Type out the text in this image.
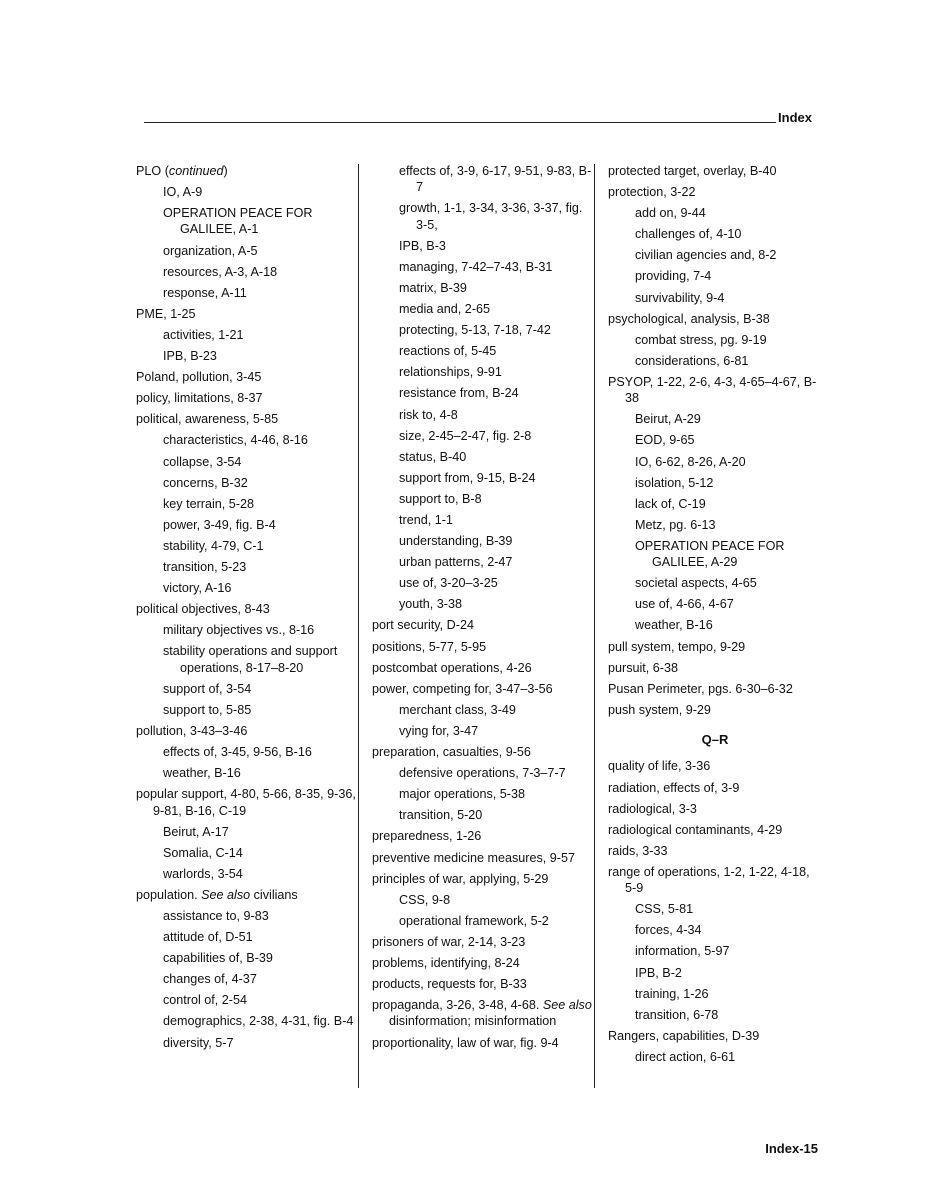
Index
PLO (continued)
IO, A-9
OPERATION PEACE FOR GALILEE, A-1
organization, A-5
resources, A-3, A-18
response, A-11
PME, 1-25
activities, 1-21
IPB, B-23
Poland, pollution, 3-45
policy, limitations, 8-37
political, awareness, 5-85
characteristics, 4-46, 8-16
collapse, 3-54
concerns, B-32
key terrain, 5-28
power, 3-49, fig. B-4
stability, 4-79, C-1
transition, 5-23
victory, A-16
political objectives, 8-43
military objectives vs., 8-16
stability operations and support operations, 8-17–8-20
support of, 3-54
support to, 5-85
pollution, 3-43–3-46
effects of, 3-45, 9-56, B-16
weather, B-16
popular support, 4-80, 5-66, 8-35, 9-36, 9-81, B-16, C-19
Beirut, A-17
Somalia, C-14
warlords, 3-54
population. See also civilians
assistance to, 9-83
attitude of, D-51
capabilities of, B-39
changes of, 4-37
control of, 2-54
demographics, 2-38, 4-31, fig. B-4
diversity, 5-7
effects of, 3-9, 6-17, 9-51, 9-83, B-7
growth, 1-1, 3-34, 3-36, 3-37, fig. 3-5,
IPB, B-3
managing, 7-42–7-43, B-31
matrix, B-39
media and, 2-65
protecting, 5-13, 7-18, 7-42
reactions of, 5-45
relationships, 9-91
resistance from, B-24
risk to, 4-8
size, 2-45–2-47, fig. 2-8
status, B-40
support from, 9-15, B-24
support to, B-8
trend, 1-1
understanding, B-39
urban patterns, 2-47
use of, 3-20–3-25
youth, 3-38
port security, D-24
positions, 5-77, 5-95
postcombat operations, 4-26
power, competing for, 3-47–3-56
merchant class, 3-49
vying for, 3-47
preparation, casualties, 9-56
defensive operations, 7-3–7-7
major operations, 5-38
transition, 5-20
preparedness, 1-26
preventive medicine measures, 9-57
principles of war, applying, 5-29
CSS, 9-8
operational framework, 5-2
prisoners of war, 2-14, 3-23
problems, identifying, 8-24
products, requests for, B-33
propaganda, 3-26, 3-48, 4-68. See also disinformation; misinformation
proportionality, law of war, fig. 9-4
protected target, overlay, B-40
protection, 3-22
add on, 9-44
challenges of, 4-10
civilian agencies and, 8-2
providing, 7-4
survivability, 9-4
psychological, analysis, B-38
combat stress, pg. 9-19
considerations, 6-81
PSYOP, 1-22, 2-6, 4-3, 4-65–4-67, B-38
Beirut, A-29
EOD, 9-65
IO, 6-62, 8-26, A-20
isolation, 5-12
lack of, C-19
Metz, pg. 6-13
OPERATION PEACE FOR GALILEE, A-29
societal aspects, 4-65
use of, 4-66, 4-67
weather, B-16
pull system, tempo, 9-29
pursuit, 6-38
Pusan Perimeter, pgs. 6-30–6-32
push system, 9-29
Q–R
quality of life, 3-36
radiation, effects of, 3-9
radiological, 3-3
radiological contaminants, 4-29
raids, 3-33
range of operations, 1-2, 1-22, 4-18, 5-9
CSS, 5-81
forces, 4-34
information, 5-97
IPB, B-2
training, 1-26
transition, 6-78
Rangers, capabilities, D-39
direct action, 6-61
Index-15
